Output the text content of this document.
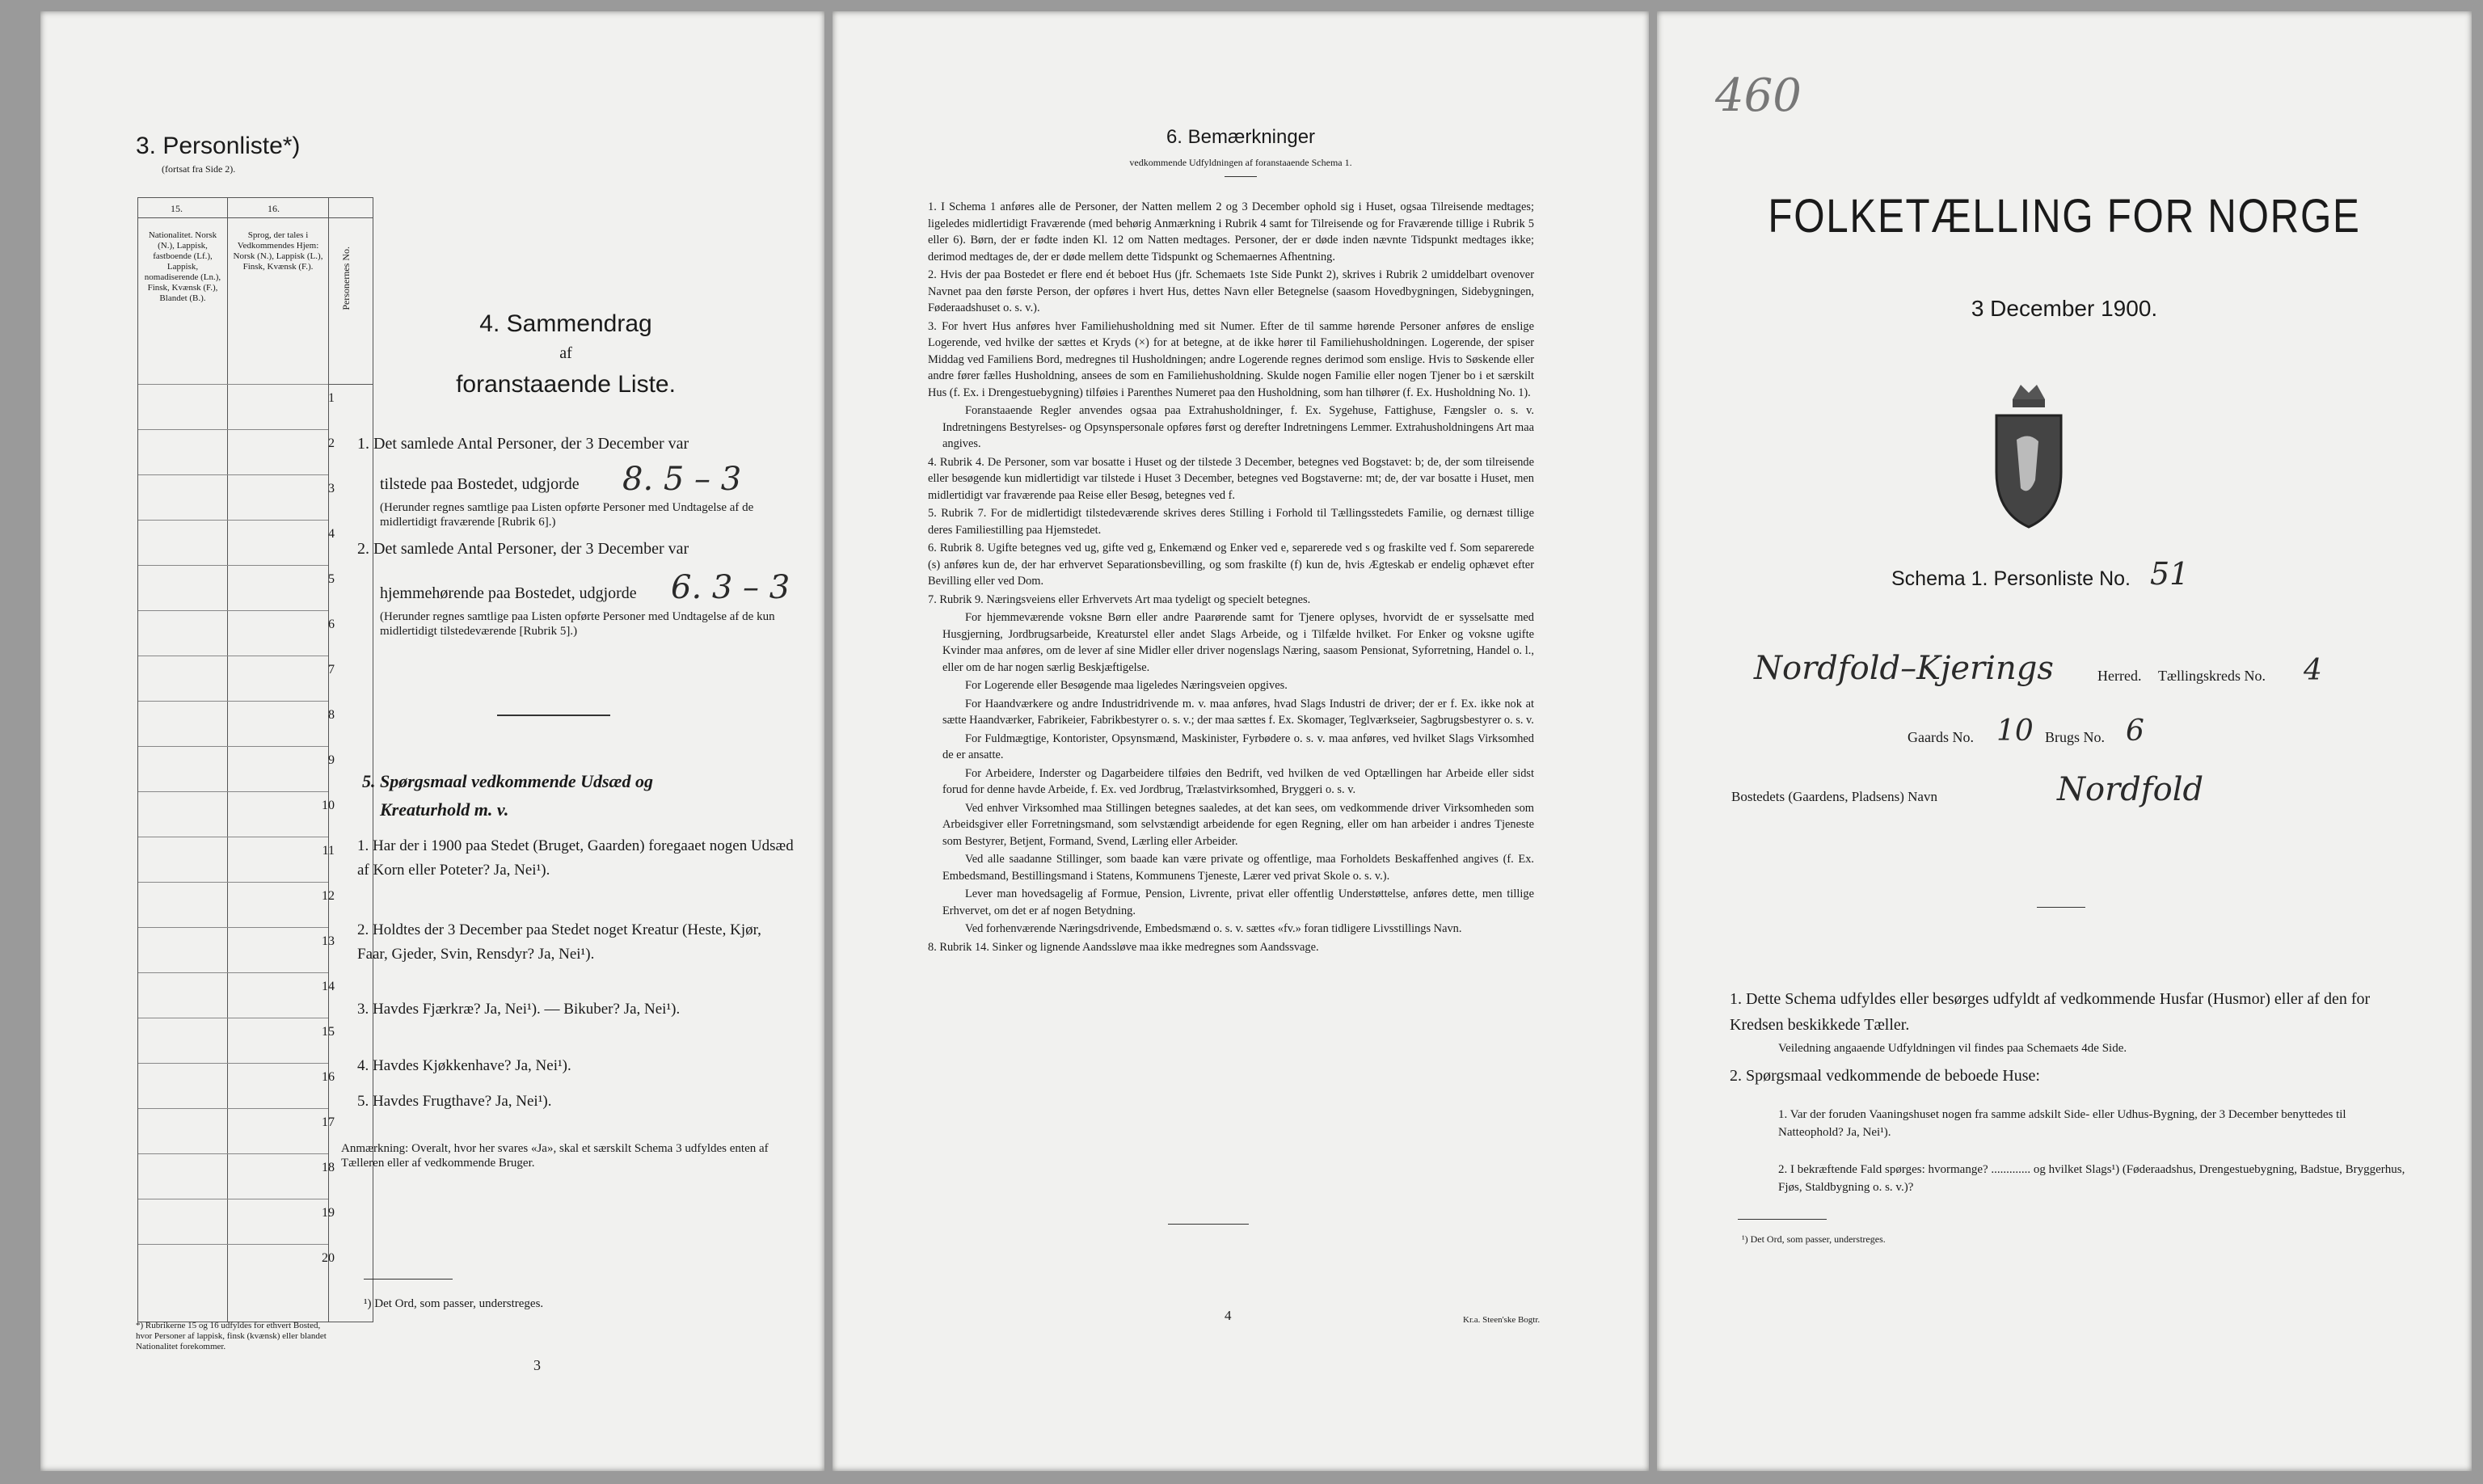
3. Personliste*)
(fortsat fra Side 2).
15.	16.
Nationalitet. Norsk (N.), Lappisk, fastboende (Lf.), Lappisk, nomadiserende (Ln.), Finsk, Kvænsk (F.), Blandet (B.).
Sprog, der tales i Vedkommendes Hjem: Norsk (N.), Lappisk (L.), Finsk, Kvænsk (F.).	Personernes No.
1
2
3
4
5
6
7
8
9
10
11
12
13
14
15
16
17
18
19
20
*) Rubrikerne 15 og 16 udfyldes for ethvert Bosted, hvor Personer af lappisk, finsk (kvænsk) eller blandet Nationalitet forekommer.
4. Sammendrag
af
foranstaaende Liste.
1. Det samlede Antal Personer, der 3 December var
tilstede paa Bostedet, udgjorde 8. 5 – 3
(Herunder regnes samtlige paa Listen opførte Personer med Undtagelse af de midlertidigt fraværende [Rubrik 6].)
2. Det samlede Antal Personer, der 3 December var
hjemmehørende paa Bostedet, udgjorde 6. 3 – 3
(Herunder regnes samtlige paa Listen opførte Personer med Undtagelse af de kun midlertidigt tilstedeværende [Rubrik 5].)
5. Spørgsmaal vedkommende Udsæd og
Kreaturhold m. v.
1. Har der i 1900 paa Stedet (Bruget, Gaarden) foregaaet nogen Udsæd af Korn eller Poteter? Ja, Nei¹).
2. Holdtes der 3 December paa Stedet noget Kreatur (Heste, Kjør, Faar, Gjeder, Svin, Rensdyr? Ja, Nei¹).
3. Havdes Fjærkræ? Ja, Nei¹). — Bikuber? Ja, Nei¹).
4. Havdes Kjøkkenhave? Ja, Nei¹).
5. Havdes Frugthave? Ja, Nei¹).
Anmærkning: Overalt, hvor her svares «Ja», skal et særskilt Schema 3 udfyldes enten af Tælleren eller af vedkommende Bruger.
¹) Det Ord, som passer, understreges.
3
6. Bemærkninger
vedkommende Udfyldningen af foranstaaende Schema 1.
1. I Schema 1 anføres alle de Personer, der Natten mellem 2 og 3 December ophold sig i Huset, ogsaa Tilreisende medtages; ligeledes midlertidigt Fraværende (med behørig Anmærkning i Rubrik 4 samt for Tilreisende og for Fraværende tillige i Rubrik 5 eller 6). Børn, der er fødte inden Kl. 12 om Natten medtages. Personer, der er døde inden nævnte Tidspunkt medtages ikke; derimod medtages de, der er døde mellem dette Tidspunkt og Schemaernes Afhentning.
2. Hvis der paa Bostedet er flere end ét beboet Hus (jfr. Schemaets 1ste Side Punkt 2), skrives i Rubrik 2 umiddelbart ovenover Navnet paa den første Person, der opføres i hvert Hus, dettes Navn eller Betegnelse (saasom Hovedbygningen, Sidebygningen, Føderaadshuset o. s. v.).
3. For hvert Hus anføres hver Familiehusholdning med sit Numer. Efter de til samme hørende Personer anføres de enslige Logerende, ved hvilke der sættes et Kryds (×) for at betegne, at de ikke hører til Familiehusholdningen. Logerende, der spiser Middag ved Familiens Bord, medregnes til Husholdningen; andre Logerende regnes derimod som enslige. Hvis to Søskende eller andre fører fælles Husholdning, ansees de som en Familiehusholdning. Skulde nogen Familie eller nogen Tjener bo i et særskilt Hus (f. Ex. i Drengestuebygning) tilføies i Parenthes Numeret paa den Husholdning, som han tilhører (f. Ex. Husholdning No. 1).
Foranstaaende Regler anvendes ogsaa paa Extrahusholdninger, f. Ex. Sygehuse, Fattighuse, Fængsler o. s. v. Indretningens Bestyrelses- og Opsynspersonale opføres først og derefter Indretningens Lemmer. Extrahusholdningens Art maa angives.
4. Rubrik 4. De Personer, som var bosatte i Huset og der tilstede 3 December, betegnes ved Bogstavet: b; de, der som tilreisende eller besøgende kun midlertidigt var tilstede i Huset 3 December, betegnes ved Bogstaverne: mt; de, der var bosatte i Huset, men midlertidigt var fraværende paa Reise eller Besøg, betegnes ved f.
5. Rubrik 7. For de midlertidigt tilstedeværende skrives deres Stilling i Forhold til Tællingsstedets Familie, og dernæst tillige deres Familiestilling paa Hjemstedet.
6. Rubrik 8. Ugifte betegnes ved ug, gifte ved g, Enkemænd og Enker ved e, separerede ved s og fraskilte ved f. Som separerede (s) anføres kun de, der har erhvervet Separationsbevilling, og som fraskilte (f) kun de, hvis Ægteskab er endelig ophævet efter Bevilling eller ved Dom.
7. Rubrik 9. Næringsveiens eller Erhvervets Art maa tydeligt og specielt betegnes.
For hjemmeværende voksne Børn eller andre Paarørende samt for Tjenere oplyses, hvorvidt de er sysselsatte med Husgjerning, Jordbrugsarbeide, Kreaturstel eller andet Slags Arbeide, og i Tilfælde hvilket. For Enker og voksne ugifte Kvinder maa anføres, om de lever af sine Midler eller driver nogenslags Næring, saasom Pensionat, Syforretning, Handel o. l., eller om de har nogen særlig Beskjæftigelse.
For Logerende eller Besøgende maa ligeledes Næringsveien opgives.
For Haandværkere og andre Industridrivende m. v. maa anføres, hvad Slags Industri de driver; der er f. Ex. ikke nok at sætte Haandværker, Fabrikeier, Fabrikbestyrer o. s. v.; der maa sættes f. Ex. Skomager, Teglværkseier, Sagbrugsbestyrer o. s. v.
For Fuldmægtige, Kontorister, Opsynsmænd, Maskinister, Fyrbødere o. s. v. maa anføres, ved hvilket Slags Virksomhed de er ansatte.
For Arbeidere, Inderster og Dagarbeidere tilføies den Bedrift, ved hvilken de ved Optællingen har Arbeide eller sidst forud for denne havde Arbeide, f. Ex. ved Jordbrug, Trælastvirksomhed, Bryggeri o. s. v.
Ved enhver Virksomhed maa Stillingen betegnes saaledes, at det kan sees, om vedkommende driver Virksomheden som Arbeidsgiver eller Forretningsmand, som selvstændigt arbeidende for egen Regning, eller om han arbeider i andres Tjeneste som Bestyrer, Betjent, Formand, Svend, Lærling eller Arbeider.
Ved alle saadanne Stillinger, som baade kan være private og offentlige, maa Forholdets Beskaffenhed angives (f. Ex. Embedsmand, Bestillingsmand i Statens, Kommunens Tjeneste, Lærer ved privat Skole o. s. v.).
Lever man hovedsagelig af Formue, Pension, Livrente, privat eller offentlig Understøttelse, anføres dette, men tillige Erhvervet, om det er af nogen Betydning.
Ved forhenværende Næringsdrivende, Embedsmænd o. s. v. sættes «fv.» foran tidligere Livsstillings Navn.
8. Rubrik 14. Sinker og lignende Aandssløve maa ikke medregnes som Aandssvage.
4	Kr.a. Steen'ske Bogtr.
460
FOLKETÆLLING FOR NORGE
3 December 1900.
Schema 1. Personliste No. 51
Nordfold–Kjerings	Herred. Tællingskreds No. 4
Gaards No. 10 Brugs No. 6
Bostedets (Gaardens, Pladsens) Navn	Nordfold
1. Dette Schema udfyldes eller besørges udfyldt af vedkommende Husfar (Husmor) eller af den for Kredsen beskikkede Tæller.
Veiledning angaaende Udfyldningen vil findes paa Schemaets 4de Side.
2. Spørgsmaal vedkommende de beboede Huse:
1. Var der foruden Vaaningshuset nogen fra samme adskilt Side- eller Udhus-Bygning, der 3 December benyttedes til Natteophold? Ja, Nei¹).
2. I bekræftende Fald spørges: hvormange? ............. og hvilket Slags¹) (Føderaadshus, Drengestuebygning, Badstue, Bryggerhus, Fjøs, Staldbygning o. s. v.)?
¹) Det Ord, som passer, understreges.
